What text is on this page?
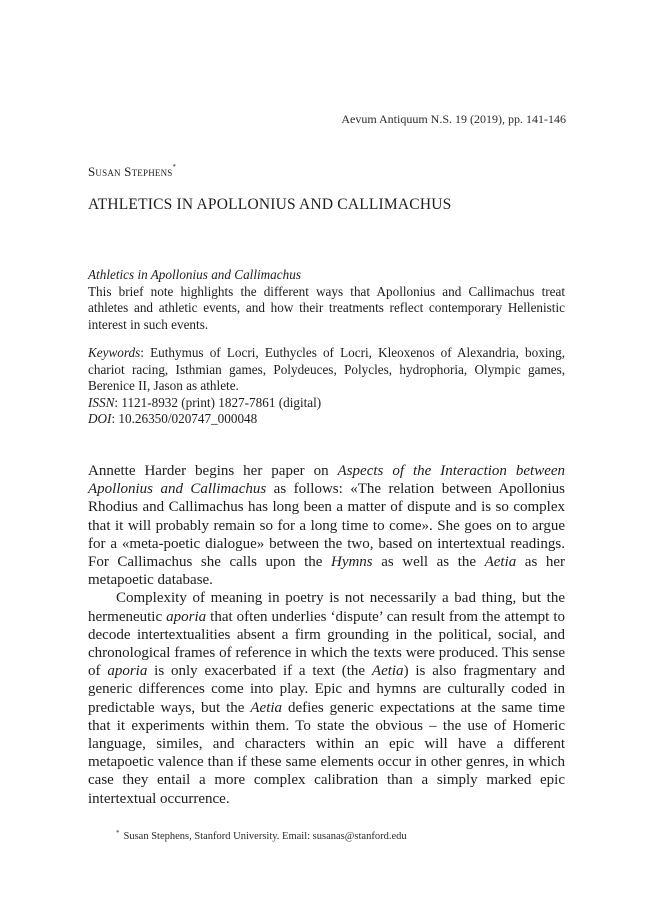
Aevum Antiquum N.S. 19 (2019), pp. 141-146
Susan Stephens*
ATHLETICS IN APOLLONIUS AND CALLIMACHUS
Athletics in Apollonius and Callimachus
This brief note highlights the different ways that Apollonius and Callimachus treat athletes and athletic events, and how their treatments reflect contemporary Hellenistic interest in such events.

Keywords: Euthymus of Locri, Euthycles of Locri, Kleoxenos of Alexandria, boxing, chariot racing, Isthmian games, Polydeuces, Polycles, hydrophoria, Olympic games, Berenice II, Jason as athlete.

ISSN: 1121-8932 (print) 1827-7861 (digital)

DOI: 10.26350/020747_000048

Annette Harder begins her paper on Aspects of the Interaction between Apollonius and Callimachus as follows: «The relation between Apollonius Rhodius and Callimachus has long been a matter of dispute and is so complex that it will probably remain so for a long time to come». She goes on to argue for a «meta-poetic dialogue» between the two, based on intertextual readings. For Callimachus she calls upon the Hymns as well as the Aetia as her metapoetic database.

Complexity of meaning in poetry is not necessarily a bad thing, but the hermeneutic aporia that often underlies ‘dispute’ can result from the attempt to decode intertextualities absent a firm grounding in the political, social, and chronological frames of reference in which the texts were produced. This sense of aporia is only exacerbated if a text (the Aetia) is also fragmentary and generic differences come into play. Epic and hymns are culturally coded in predictable ways, but the Aetia defies generic expectations at the same time that it experiments within them. To state the obvious – the use of Homeric language, similes, and characters within an epic will have a different metapoetic valence than if these same elements occur in other genres, in which case they entail a more complex calibration than a simply marked epic intertextual occurrence.

* Susan Stephens, Stanford University. Email: susanas@stanford.edu
